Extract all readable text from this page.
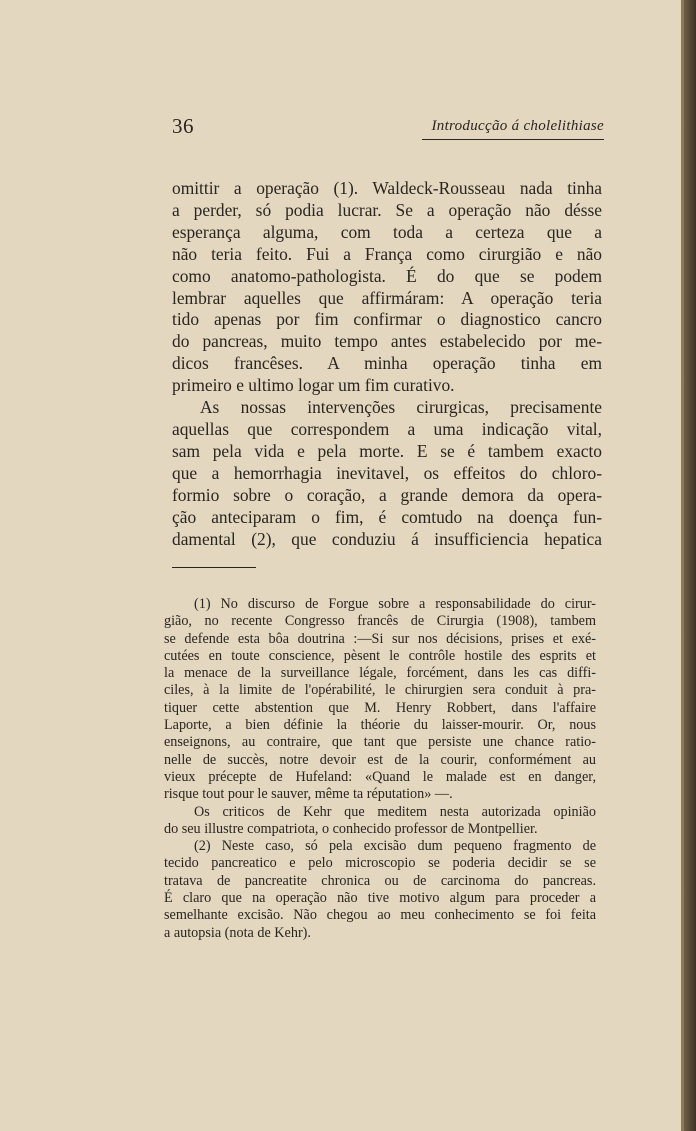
36	Introducção á cholelithiase
omittir a operação (1). Waldeck-Rousseau nada tinha
a perder, só podia lucrar. Se a operação não désse
esperança alguma, com toda a certeza que a
não teria feito. Fui a França como cirurgião e não
como anatomo-pathologista. É do que se podem
lembrar aquelles que affirmáram: A operação teria
tido apenas por fim confirmar o diagnostico cancro
do pancreas, muito tempo antes estabelecido por me-
dicos francêses. A minha operação tinha em
primeiro e ultimo logar um fim curativo.
As nossas intervenções cirurgicas, precisamente
aquellas que correspondem a uma indicação vital,
sam pela vida e pela morte. E se é tambem exacto
que a hemorrhagia inevitavel, os effeitos do chloro-
formio sobre o coração, a grande demora da opera-
ção anteciparam o fim, é comtudo na doença fun-
damental (2), que conduziu á insufficiencia hepatica
(1) No discurso de Forgue sobre a responsabilidade do cirur-
gião, no recente Congresso francês de Cirurgia (1908), tambem
se defende esta bôa doutrina :—Si sur nos décisions, prises et exé-
cutées en toute conscience, pèsent le contrôle hostile des esprits et
la menace de la surveillance légale, forcément, dans les cas diffi-
ciles, à la limite de l'opérabilité, le chirurgien sera conduit à pra-
tiquer cette abstention que M. Henry Robbert, dans l'affaire
Laporte, a bien définie la théorie du laisser-mourir. Or, nous
enseignons, au contraire, que tant que persiste une chance ratio-
nelle de succès, notre devoir est de la courir, conformément au
vieux précepte de Hufeland: «Quand le malade est en danger,
risque tout pour le sauver, même ta réputation» —.
Os criticos de Kehr que meditem nesta autorizada opinião
do seu illustre compatriota, o conhecido professor de Montpellier.
(2) Neste caso, só pela excisão dum pequeno fragmento de
tecido pancreatico e pelo microscopio se poderia decidir se se
tratava de pancreatite chronica ou de carcinoma do pancreas.
É claro que na operação não tive motivo algum para proceder a
semelhante excisão. Não chegou ao meu conhecimento se foi feita
a autopsia (nota de Kehr).
